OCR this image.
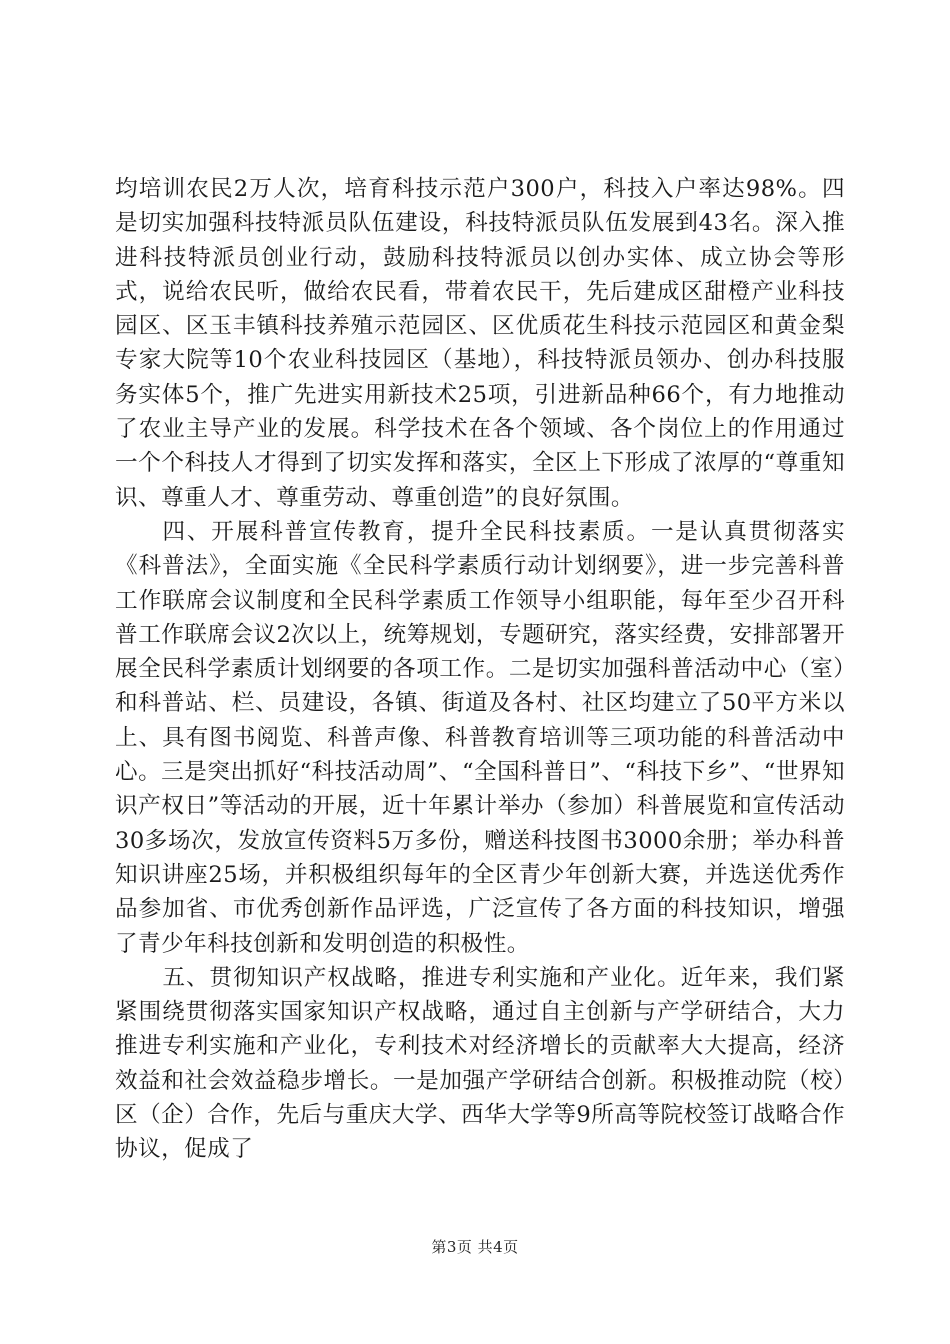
均培训农民2万人次，培育科技示范户300户，科技入户率达98%。四是切实加强科技特派员队伍建设，科技特派员队伍发展到43名。深入推进科技特派员创业行动，鼓励科技特派员以创办实体、成立协会等形式，说给农民听，做给农民看，带着农民干，先后建成区甜橙产业科技园区、区玉丰镇科技养殖示范园区、区优质花生科技示范园区和黄金梨专家大院等10个农业科技园区（基地），科技特派员领办、创办科技服务实体5个，推广先进实用新技术25项，引进新品种66个，有力地推动了农业主导产业的发展。科学技术在各个领域、各个岗位上的作用通过一个个科技人才得到了切实发挥和落实，全区上下形成了浓厚的“尊重知识、尊重人才、尊重劳动、尊重创造”的良好氛围。

四、开展科普宣传教育，提升全民科技素质。一是认真贯彻落实《科普法》，全面实施《全民科学素质行动计划纲要》，进一步完善科普工作联席会议制度和全民科学素质工作领导小组职能，每年至少召开科普工作联席会议2次以上，统筹规划，专题研究，落实经费，安排部署开展全民科学素质计划纲要的各项工作。二是切实加强科普活动中心（室）和科普站、栏、员建设，各镇、街道及各村、社区均建立了50平方米以上、具有图书阅览、科普声像、科普教育培训等三项功能的科普活动中心。三是突出抓好“科技活动周”、“全国科普日”、“科技下乡”、“世界知识产权日”等活动的开展，近十年累计举办（参加）科普展览和宣传活动30多场次，发放宣传资料5万多份，赠送科技图书3000余册；举办科普知识讲座25场，并积极组织每年的全区青少年创新大赛，并选送优秀作品参加省、市优秀创新作品评选，广泛宣传了各方面的科技知识，增强了青少年科技创新和发明创造的积极性。

五、贯彻知识产权战略，推进专利实施和产业化。近年来，我们紧紧围绕贯彻落实国家知识产权战略，通过自主创新与产学研结合，大力推进专利实施和产业化，专利技术对经济增长的贡献率大大提高，经济效益和社会效益稳步增长。一是加强产学研结合创新。积极推动院（校）区（企）合作，先后与重庆大学、西华大学等9所高等院校签订战略合作协议，促成了

第3页 共4页
